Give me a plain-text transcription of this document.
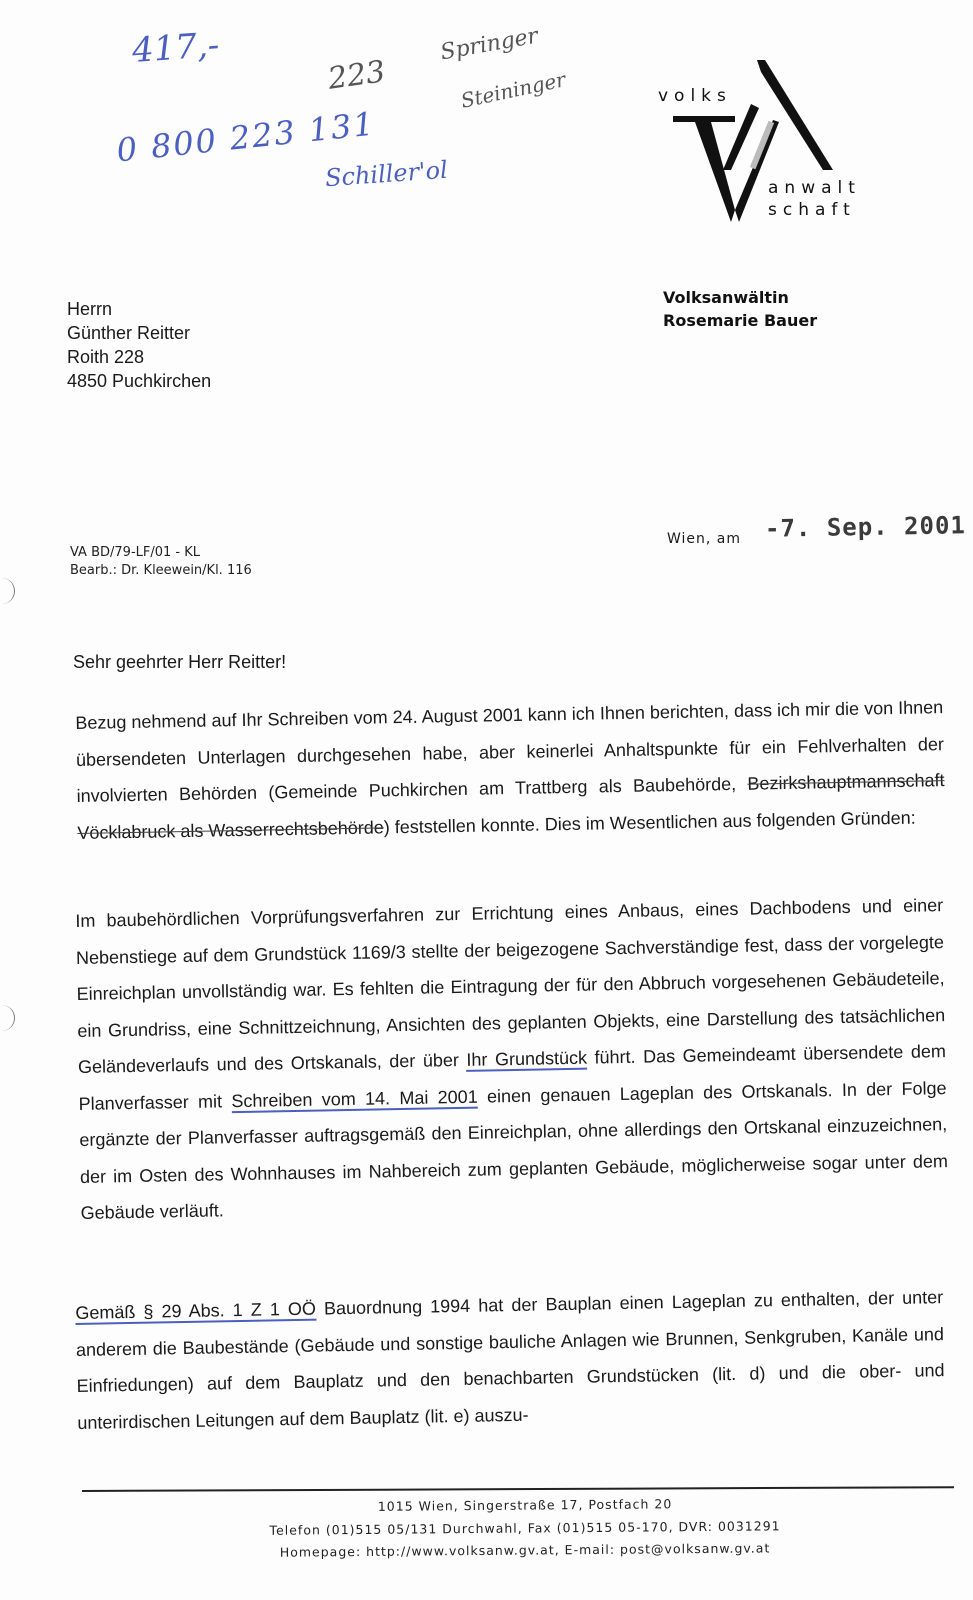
417,-
223
0 800 223 131
Schiller'ol
Springer
Steininger	volks
anwalt
schaft
Volksanwältin
Rosemarie Bauer
Herrn
Günther Reitter
Roith 228
4850 Puchkirchen
VA BD/79-LF/01 - KL
Bearb.: Dr. Kleewein/Kl. 116
Wien, am -7. Sep. 2001
Sehr geehrter Herr Reitter!
Bezug nehmend auf Ihr Schreiben vom 24. August 2001 kann ich Ihnen berichten, dass ich mir die von Ihnen übersendeten Unterlagen durchgesehen habe, aber keinerlei Anhaltspunkte für ein Fehlverhalten der involvierten Behörden (Gemeinde Puchkirchen am Trattberg als Baubehörde, Bezirkshauptmannschaft Vöcklabruck als Wasserrechtsbehörde) feststellen konnte. Dies im Wesentlichen aus folgenden Gründen:
Im baubehördlichen Vorprüfungsverfahren zur Errichtung eines Anbaus, eines Dachbodens und einer Nebenstiege auf dem Grundstück 1169/3 stellte der beigezogene Sachverständige fest, dass der vorgelegte Einreichplan unvollständig war. Es fehlten die Eintragung der für den Abbruch vorgesehenen Gebäudeteile, ein Grundriss, eine Schnittzeichnung, Ansichten des geplanten Objekts, eine Darstellung des tatsächlichen Geländeverlaufs und des Ortskanals, der über Ihr Grundstück führt. Das Gemeindeamt übersendete dem Planverfasser mit Schreiben vom 14. Mai 2001 einen genauen Lageplan des Ortskanals. In der Folge ergänzte der Planverfasser auftragsgemäß den Einreichplan, ohne allerdings den Ortskanal einzuzeichnen, der im Osten des Wohnhauses im Nahbereich zum geplanten Gebäude, möglicherweise sogar unter dem Gebäude verläuft.
Gemäß § 29 Abs. 1 Z 1 OÖ Bauordnung 1994 hat der Bauplan einen Lageplan zu enthalten, der unter anderem die Baubestände (Gebäude und sonstige bauliche Anlagen wie Brunnen, Senkgruben, Kanäle und Einfriedungen) auf dem Bauplatz und den benachbarten Grundstücken (lit. d) und die ober- und unterirdischen Leitungen auf dem Bauplatz (lit. e) auszu-
1015 Wien, Singerstraße 17, Postfach 20
Telefon (01)515 05/131 Durchwahl, Fax (01)515 05-170, DVR: 0031291
Homepage: http://www.volksanw.gv.at, E-mail: post@volksanw.gv.at
